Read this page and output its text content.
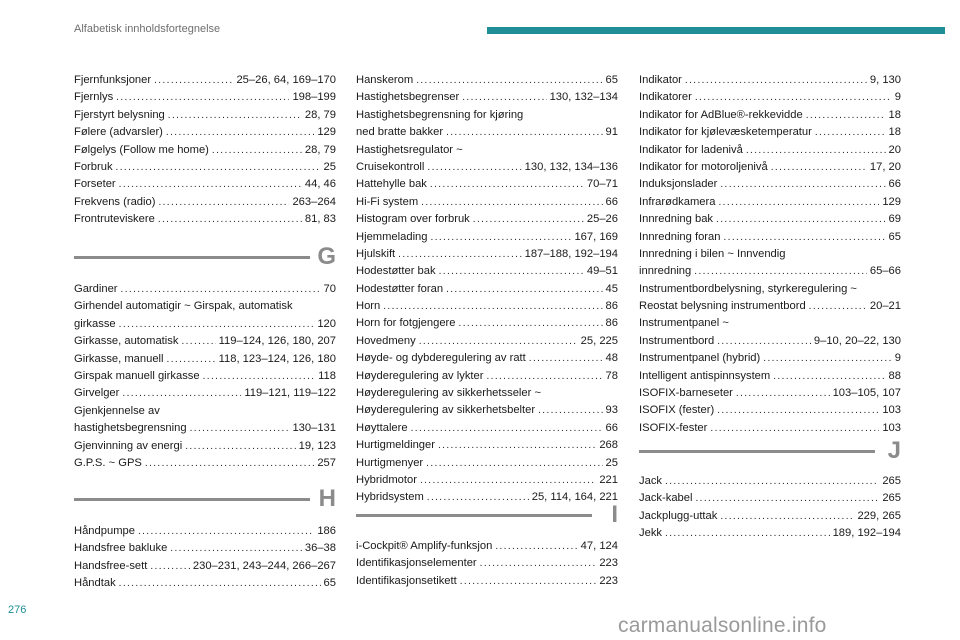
Alfabetisk innholdsfortegnelse
Fjernfunksjoner .....	25–26, 64, 169–170
Fjernlys .....	198–199
Fjerstyrt belysning .....	28, 79
Følere (advarsler) .....	129
Følgelys (Follow me home) .....	28, 79
Forbruk .....	25
Forseter .....	44, 46
Frekvens (radio) .....	263–264
Frontruteviskere .....	81, 83
G
Gardiner .....	70
Girhendel automatigir ~ Girspak, automatisk
girkasse .....	120
Girkasse, automatisk .....	119–124, 126, 180, 207
Girkasse, manuell .....	118, 123–124, 126, 180
Girspak manuell girkasse .....	118
Girvelger .....	119–121, 119–122
Gjenkjennelse av
hastighetsbegrensning .....	130–131
Gjenvinning av energi .....	19, 123
G.P.S. ~ GPS .....	257
H
Håndpumpe .....	186
Handsfree bakluke .....	36–38
Handsfree-sett .....	230–231, 243–244, 266–267
Håndtak .....	65
Hanskerom .....	65
Hastighetsbegrenser .....	130, 132–134
Hastighetsbegrensning for kjøring
ned bratte bakker .....	91
Hastighetsregulator ~
Cruisekontroll .....	130, 132, 134–136
Hattehylle bak .....	70–71
Hi-Fi system .....	66
Histogram over forbruk .....	25–26
Hjemmelading .....	167, 169
Hjulskift .....	187–188, 192–194
Hodestøtter bak .....	49–51
Hodestøtter foran .....	45
Horn .....	86
Horn for fotgjengere .....	86
Hovedmeny .....	25, 225
Høyde- og dybderegulering av ratt .....	48
Høyderegulering av lykter .....	78
Høyderegulering av sikkerhetsseler ~
Høyderegulering av sikkerhetsbelter .....	93
Høyttalere .....	66
Hurtigmeldinger .....	268
Hurtigmenyer .....	25
Hybridmotor .....	221
Hybridsystem .....	25, 114, 164, 221
I
i-Cockpit® Amplify-funksjon .....	47, 124
Identifikasjonselementer .....	223
Identifikasjonsetikett .....	223
Indikator .....	9, 130
Indikatorer .....	9
Indikator for AdBlue®-rekkevidde .....	18
Indikator for kjølevæsketemperatur .....	18
Indikator for ladenivå .....	20
Indikator for motoroljenivå .....	17, 20
Induksjonslader .....	66
Infrarødkamera .....	129
Innredning bak .....	69
Innredning foran .....	65
Innredning i bilen ~ Innvendig
innredning .....	65–66
Instrumentbordbelysning, styrkeregulering ~
Reostat belysning instrumentbord .....	20–21
Instrumentpanel ~
Instrumentbord .....	9–10, 20–22, 130
Instrumentpanel (hybrid) .....	9
Intelligent antispinnsystem .....	88
ISOFIX-barneseter .....	103–105, 107
ISOFIX (fester) .....	103
ISOFIX-fester .....	103
J
Jack .....	265
Jack-kabel .....	265
Jackplugg-uttak .....	229, 265
Jekk .....	189, 192–194
276
carmanualsonline.info
